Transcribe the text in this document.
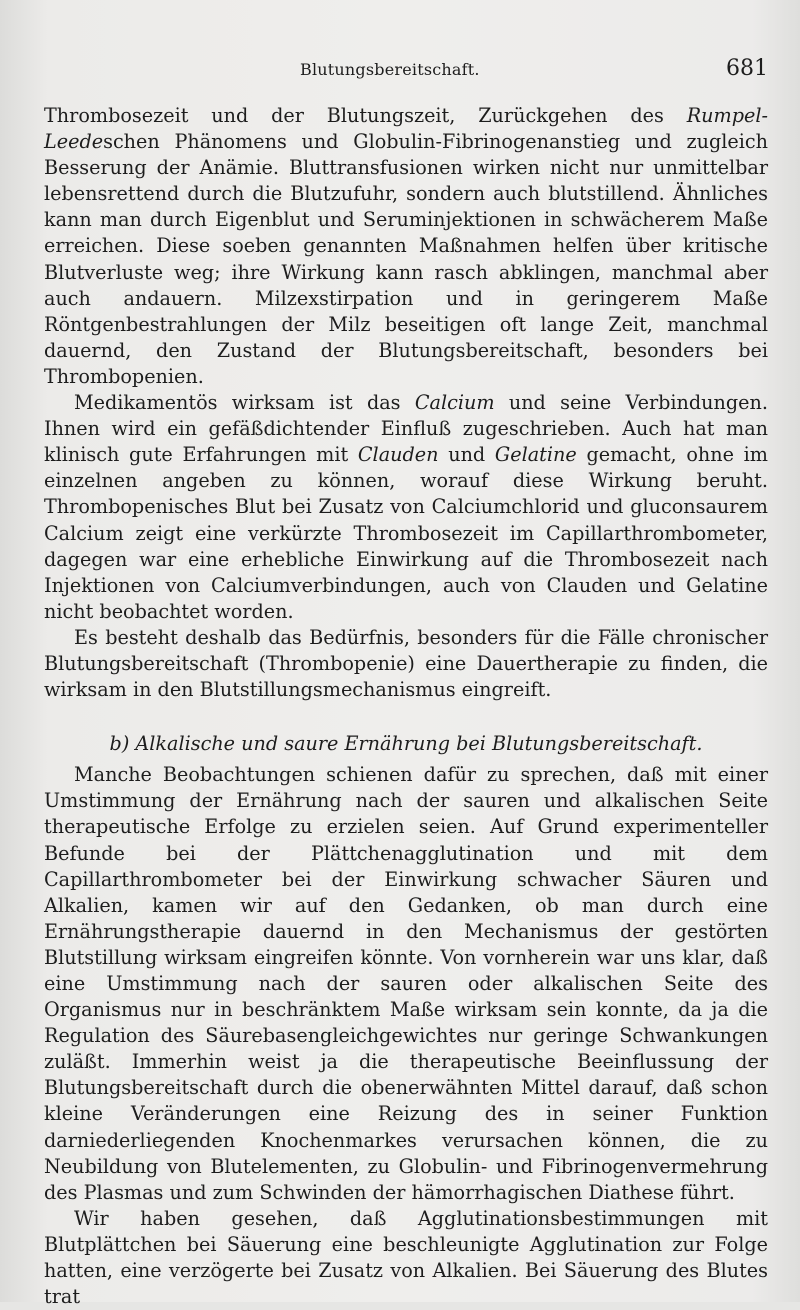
Blutungsbereitschaft.	681

Thrombosezeit und der Blutungszeit, Zurückgehen des Rumpel-Leedeschen Phänomens und Globulin-Fibrinogenanstieg und zugleich Besserung der Anämie. Bluttransfusionen wirken nicht nur unmittelbar lebensrettend durch die Blutzufuhr, sondern auch blutstillend. Ähnliches kann man durch Eigenblut und Seruminjektionen in schwächerem Maße erreichen. Diese soeben genannten Maßnahmen helfen über kritische Blutverluste weg; ihre Wirkung kann rasch abklingen, manchmal aber auch andauern. Milzexstirpation und in geringerem Maße Röntgenbestrahlungen der Milz beseitigen oft lange Zeit, manchmal dauernd, den Zustand der Blutungsbereitschaft, besonders bei Thrombopenien.

Medikamentös wirksam ist das Calcium und seine Verbindungen. Ihnen wird ein gefäßdichtender Einfluß zugeschrieben. Auch hat man klinisch gute Erfahrungen mit Clauden und Gelatine gemacht, ohne im einzelnen angeben zu können, worauf diese Wirkung beruht. Thrombopenisches Blut bei Zusatz von Calciumchlorid und gluconsaurem Calcium zeigt eine verkürzte Thrombosezeit im Capillarthrombometer, dagegen war eine erhebliche Einwirkung auf die Thrombosezeit nach Injektionen von Calciumverbindungen, auch von Clauden und Gelatine nicht beobachtet worden.

Es besteht deshalb das Bedürfnis, besonders für die Fälle chronischer Blutungsbereitschaft (Thrombopenie) eine Dauertherapie zu finden, die wirksam in den Blutstillungsmechanismus eingreift.

b) Alkalische und saure Ernährung bei Blutungsbereitschaft.

Manche Beobachtungen schienen dafür zu sprechen, daß mit einer Umstimmung der Ernährung nach der sauren und alkalischen Seite therapeutische Erfolge zu erzielen seien. Auf Grund experimenteller Befunde bei der Plättchenagglutination und mit dem Capillarthrombometer bei der Einwirkung schwacher Säuren und Alkalien, kamen wir auf den Gedanken, ob man durch eine Ernährungstherapie dauernd in den Mechanismus der gestörten Blutstillung wirksam eingreifen könnte. Von vornherein war uns klar, daß eine Umstimmung nach der sauren oder alkalischen Seite des Organismus nur in beschränktem Maße wirksam sein konnte, da ja die Regulation des Säurebasengleichgewichtes nur geringe Schwankungen zuläßt. Immerhin weist ja die therapeutische Beeinflussung der Blutungsbereitschaft durch die obenerwähnten Mittel darauf, daß schon kleine Veränderungen eine Reizung des in seiner Funktion darniederliegenden Knochenmarkes verursachen können, die zu Neubildung von Blutelementen, zu Globulin- und Fibrinogenvermehrung des Plasmas und zum Schwinden der hämorrhagischen Diathese führt.

Wir haben gesehen, daß Agglutinationsbestimmungen mit Blutplättchen bei Säuerung eine beschleunigte Agglutination zur Folge hatten, eine verzögerte bei Zusatz von Alkalien. Bei Säuerung des Blutes trat
